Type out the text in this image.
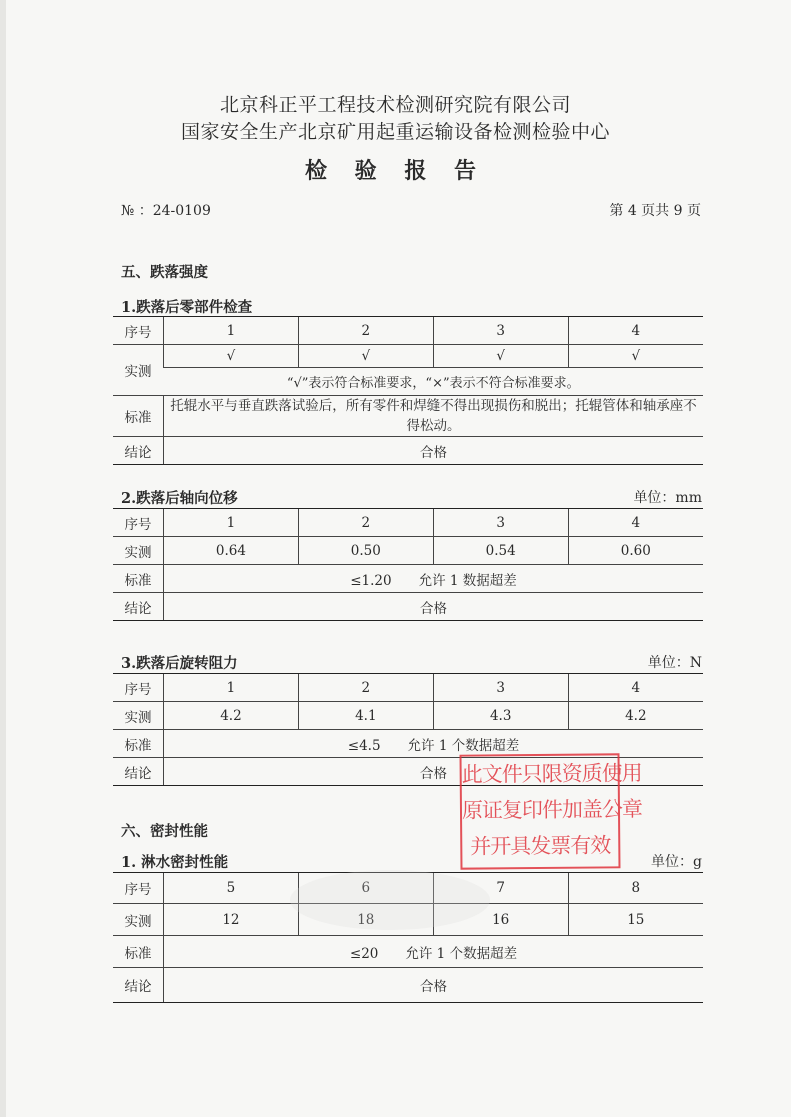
北京科正平工程技术检测研究院有限公司
国家安全生产北京矿用起重运输设备检测检验中心
检 验 报 告
№ ：24-0109	第 4 页共 9 页
五、跌落强度
1.跌落后零部件检查
序号	1	2	3	4
实测	√	√	√	√
	“√”表示符合标准要求，“×”表示不符合标准要求。			
标准	托辊水平与垂直跌落试验后，所有零件和焊缝不得出现损伤和脱出；托辊管体和轴承座不得松动。			
结论	合格			
2.跌落后轴向位移	单位：mm
序号	1	2	3	4
实测	0.64	0.50	0.54	0.60
标准	≤1.20　　允许 1 数据超差			
结论	合格			
3.跌落后旋转阻力	单位：N
序号	1	2	3	4
实测	4.2	4.1	4.3	4.2
标准	≤4.5　　允许 1 个数据超差			
结论	合格			
六、密封性能
1. 淋水密封性能	单位：g
序号	5	6	7	8
实测	12	18	16	15
标准	≤20　　允许 1 个数据超差			
结论	合格			
此文件只限资质使用
原证复印件加盖公章
并开具发票有效
